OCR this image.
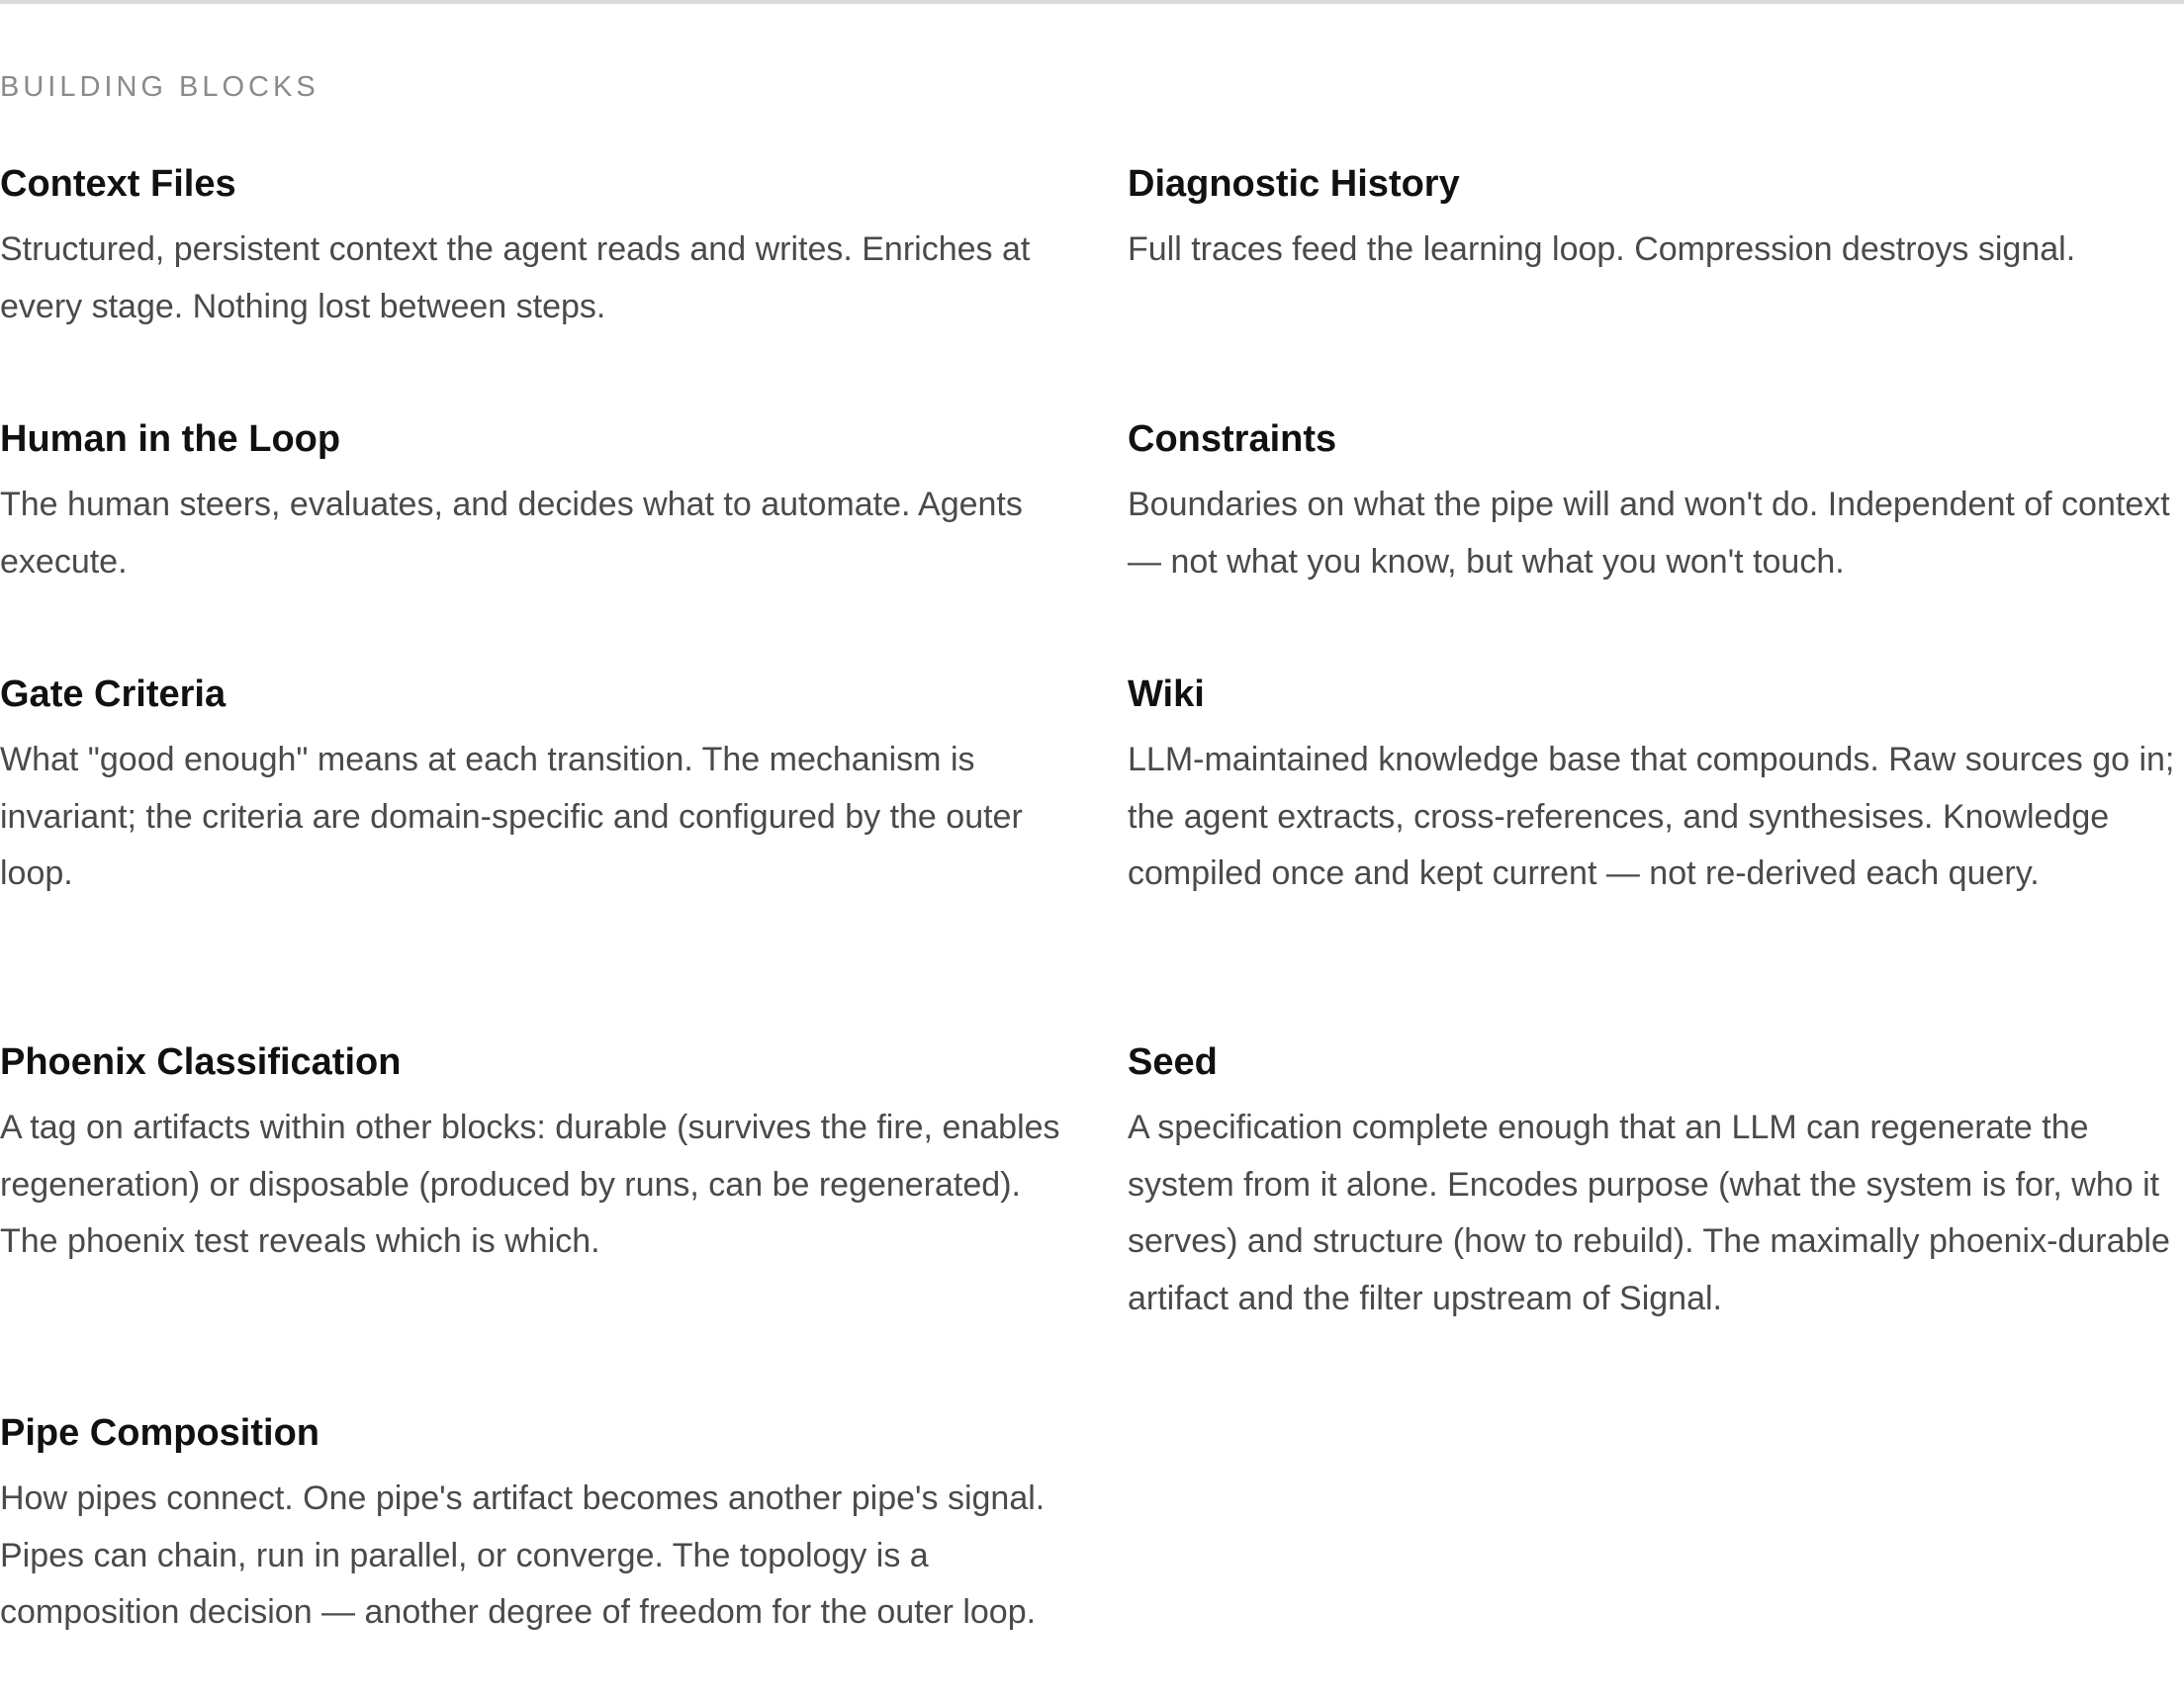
BUILDING BLOCKS
Context Files

Structured, persistent context the agent reads and writes. Enriches at every stage. Nothing lost between steps.

Diagnostic History

Full traces feed the learning loop. Compression destroys signal.

Human in the Loop

The human steers, evaluates, and decides what to automate. Agents execute.

Constraints

Boundaries on what the pipe will and won't do. Independent of context — not what you know, but what you won't touch.

Gate Criteria

What "good enough" means at each transition. The mechanism is invariant; the criteria are domain-specific and configured by the outer loop.

Wiki

LLM-maintained knowledge base that compounds. Raw sources go in; the agent extracts, cross-references, and synthesises. Knowledge compiled once and kept current — not re-derived each query.

Phoenix Classification

A tag on artifacts within other blocks: durable (survives the fire, enables regeneration) or disposable (produced by runs, can be regenerated). The phoenix test reveals which is which.

Seed

A specification complete enough that an LLM can regenerate the system from it alone. Encodes purpose (what the system is for, who it serves) and structure (how to rebuild). The maximally phoenix-durable artifact and the filter upstream of Signal.

Pipe Composition

How pipes connect. One pipe's artifact becomes another pipe's signal. Pipes can chain, run in parallel, or converge. The topology is a composition decision — another degree of freedom for the outer loop.
